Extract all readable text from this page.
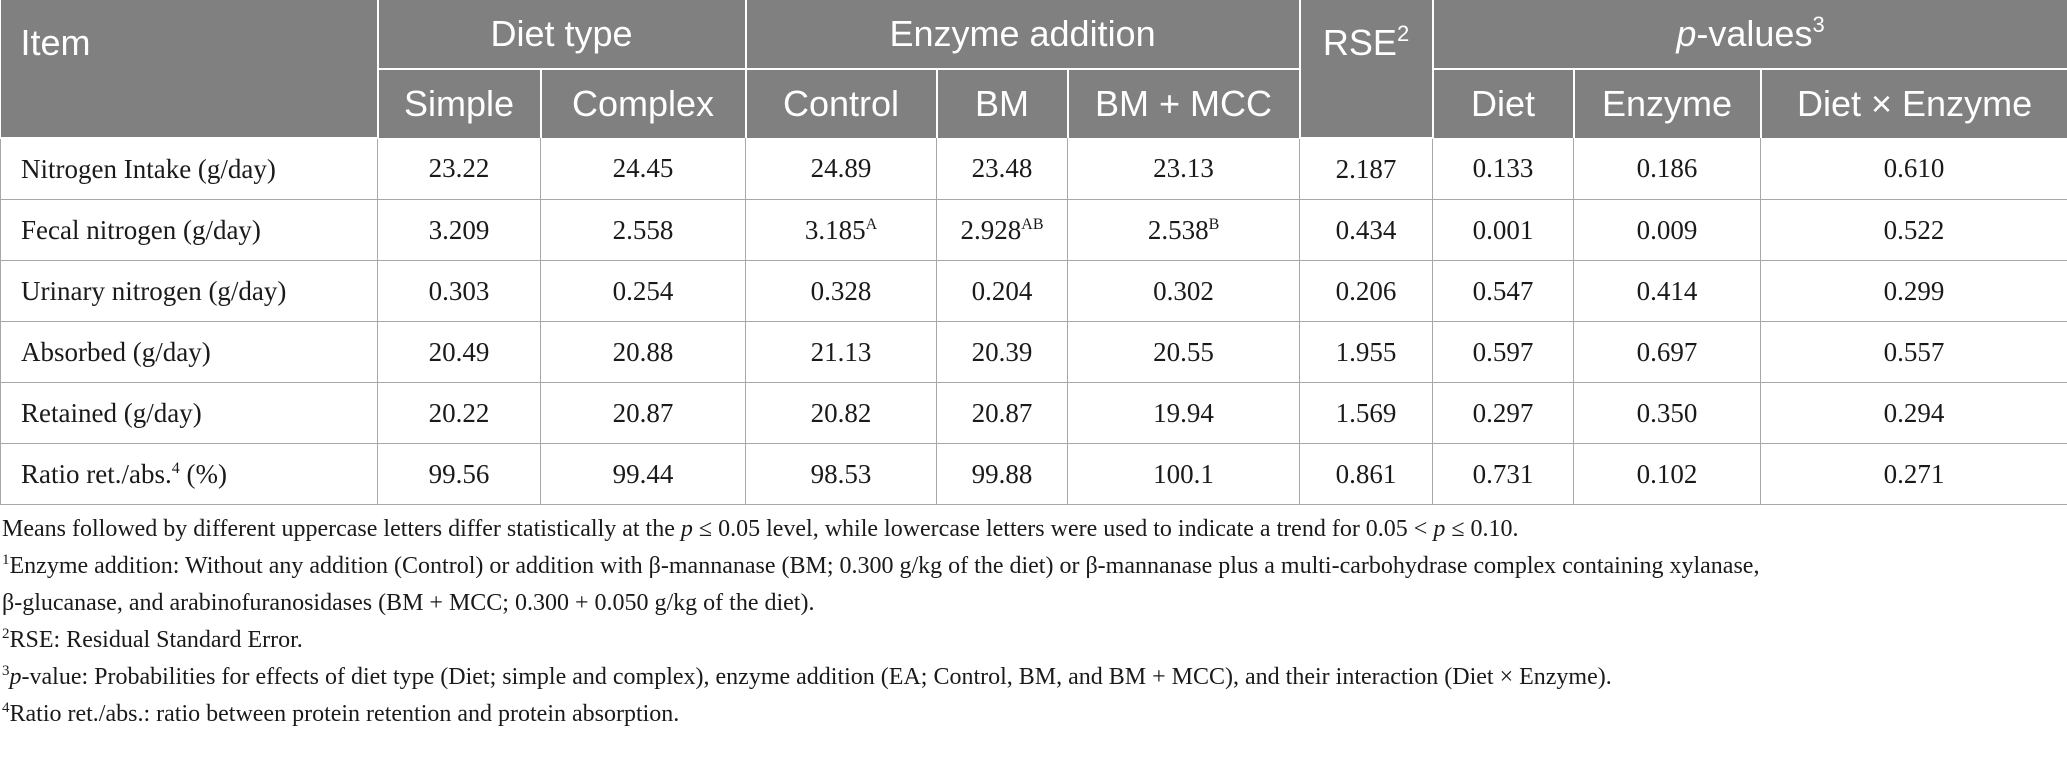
Item	Diet type		Enzyme addition			RSE$^2$	p-values$^3$
	Simple	Complex	Control	BM	BM + MCC		Diet	Enzyme	Diet × Enzyme
Nitrogen Intake (g/day)	23.22	24.45	24.89	23.48	23.13	2.187	0.133	0.186	0.610
Fecal nitrogen (g/day)	3.209	2.558	$3.185^A$	$2.928^{AB}$	$2.538^B$	0.434	0.001	0.009	0.522
Urinary nitrogen (g/day)	0.303	0.254	0.328	0.204	0.302	0.206	0.547	0.414	0.299
Absorbed (g/day)	20.49	20.88	21.13	20.39	20.55	1.955	0.597	0.697	0.557
Retained (g/day)	20.22	20.87	20.82	20.87	19.94	1.569	0.297	0.350	0.294
Ratio ret./abs.$^4$ (%)	99.56	99.44	98.53	99.88	100.1	0.861	0.731	0.102	0.271

Means followed by different uppercase letters differ statistically at the p ≤ 0.05 level, while lowercase letters were used to indicate a trend for 0.05 < p ≤ 0.10.

$^1$Enzyme addition: Without any addition (Control) or addition with β-mannanase (BM; 0.300 g/kg of the diet) or β-mannanase plus a multi-carbohydrase complex containing xylanase,

β-glucanase, and arabinofuranosidases (BM + MCC; 0.300 + 0.050 g/kg of the diet).

$^2$RSE: Residual Standard Error.

$^3$p-value: Probabilities for effects of diet type (Diet; simple and complex), enzyme addition (EA; Control, BM, and BM + MCC), and their interaction (Diet × Enzyme).

$^4$Ratio ret./abs.: ratio between protein retention and protein absorption.
